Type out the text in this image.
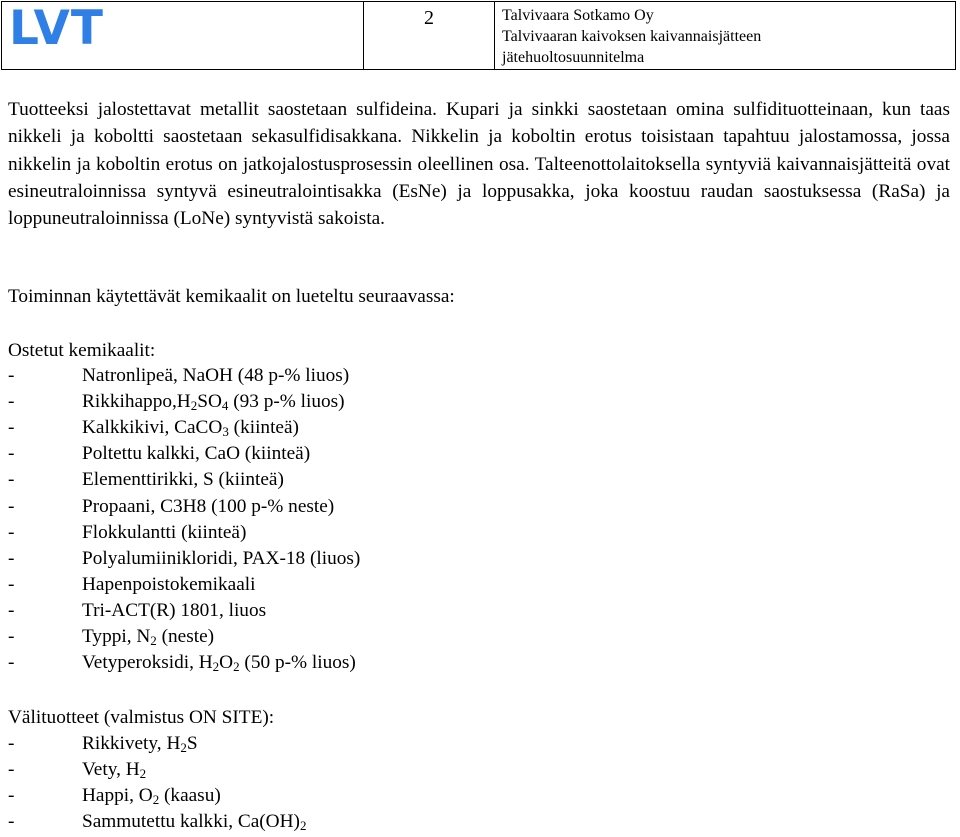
LVT	2	Talvivaara Sotkamo Oy
Talvivaaran kaivoksen kaivannaisjätteen
jätehuoltosuunnitelma

Tuotteeksi jalostettavat metallit saostetaan sulfideina. Kupari ja sinkki saostetaan omina sulfidituotteinaan, kun taas nikkeli ja koboltti saostetaan sekasulfidisakkana. Nikkelin ja koboltin erotus toisistaan tapahtuu jalostamossa, jossa nikkelin ja koboltin erotus on jatkojalostusprosessin oleellinen osa. Talteenottolaitoksella syntyviä kaivannaisjätteitä ovat esineutraloinnissa syntyvä esineutralointisakka (EsNe) ja loppusakka, joka koostuu raudan saostuksessa (RaSa) ja loppuneutraloinnissa (LoNe) syntyvistä sakoista.

Toiminnan käytettävät kemikaalit on lueteltu seuraavassa:
Ostetut kemikaalit:
-	Natronlipeä, NaOH (48 p-% liuos)
-	$Rikkihappo,H_2SO_4$ (93 p-% liuos)
-	Kalkkikivi, CaCO$_3$ (kiinteä)
-	Poltettu kalkki, CaO (kiinteä)
-	Elementtirikki, S (kiinteä)
-	Propaani, C3H8 (100 p-% neste)
-	Flokkulantti (kiinteä)
-	Polyalumiinikloridi, PAX-18 (liuos)
-	Hapenpoistokemikaali
-	Tri-ACT(R) 1801, liuos
-	Typpi, $N_2$ (neste)
-	Vetyperoksidi, $H_2O_2$ (50 p-% liuos)
Välituotteet (valmistus ON SITE):
-	Rikkivety, $H_2S$
-	Vety, $H_2$
-	Happi, $O_2$ (kaasu)
-	Sammutettu kalkki, $Ca(OH)_2$
